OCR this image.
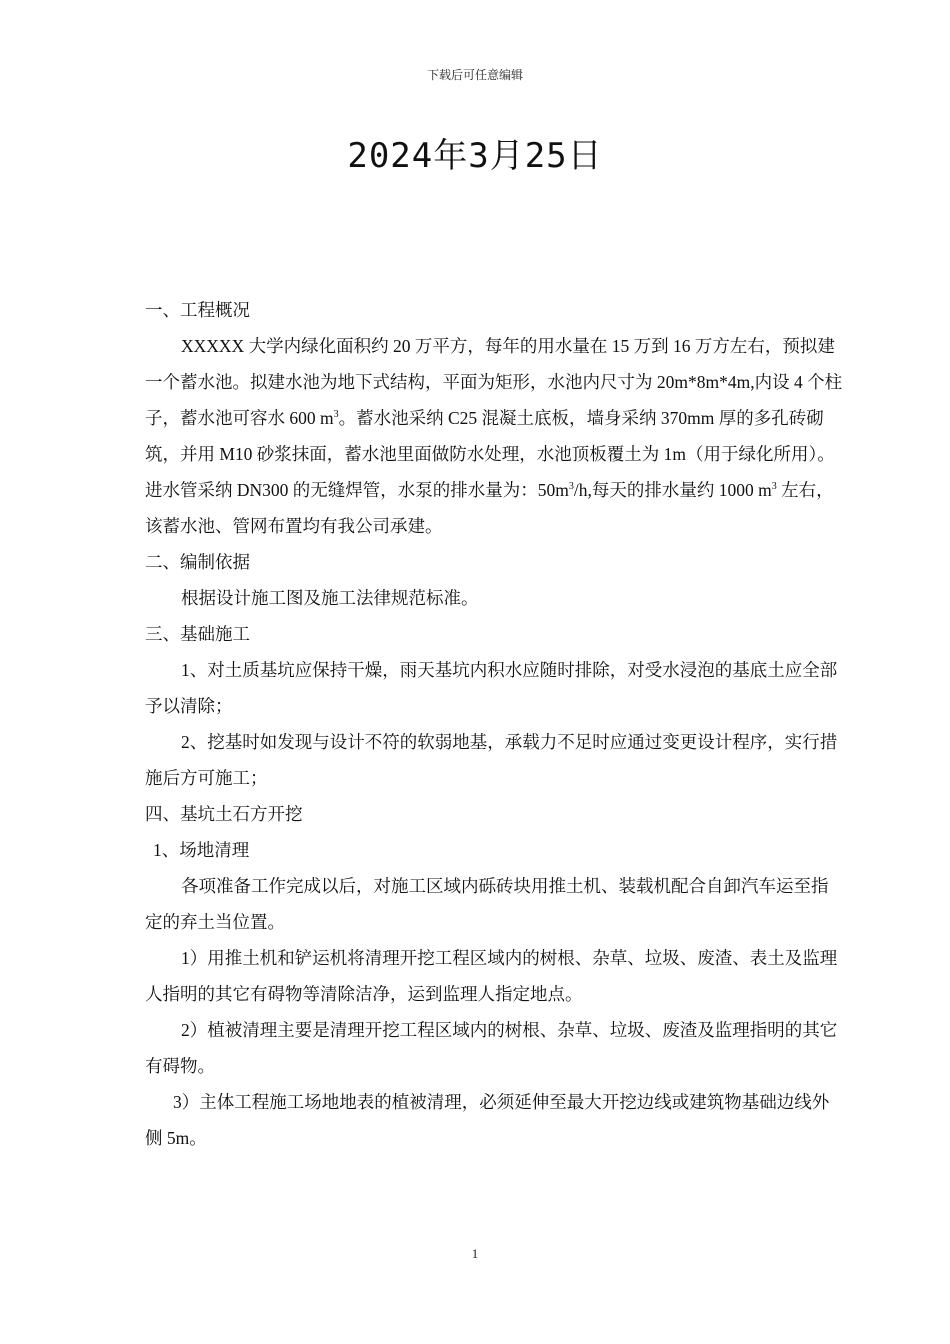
下载后可任意编辑
2024年3月25日

一、工程概况

XXXXX 大学内绿化面积约 20 万平方，每年的用水量在 15 万到 16 万方左右，预拟建一个蓄水池。拟建水池为地下式结构，平面为矩形，水池内尺寸为 20m*8m*4m,内设 4 个柱子，蓄水池可容水 600 $m^3$。蓄水池采纳 C25 混凝土底板，墙身采纳 370mm 厚的多孔砖砌筑，并用 M10 砂浆抹面，蓄水池里面做防水处理，水池顶板覆土为 1m（用于绿化所用）。进水管采纳 DN300 的无缝焊管，水泵的排水量为：$50m^3/h$,每天的排水量约 1000 $m^3$ 左右，该蓄水池、管网布置均有我公司承建。

二、编制依据

根据设计施工图及施工法律规范标准。

三、基础施工

1、对土质基坑应保持干燥，雨天基坑内积水应随时排除，对受水浸泡的基底土应全部予以清除；

2、挖基时如发现与设计不符的软弱地基，承载力不足时应通过变更设计程序，实行措施后方可施工；

四、基坑土石方开挖

1、场地清理

各项准备工作完成以后，对施工区域内砾砖块用推土机、装载机配合自卸汽车运至指定的弃土当位置。

1）用推土机和铲运机将清理开挖工程区域内的树根、杂草、垃圾、废渣、表土及监理人指明的其它有碍物等清除洁净，运到监理人指定地点。

2）植被清理主要是清理开挖工程区域内的树根、杂草、垃圾、废渣及监理指明的其它有碍物。

3）主体工程施工场地地表的植被清理，必须延伸至最大开挖边线或建筑物基础边线外侧 5m。

1
